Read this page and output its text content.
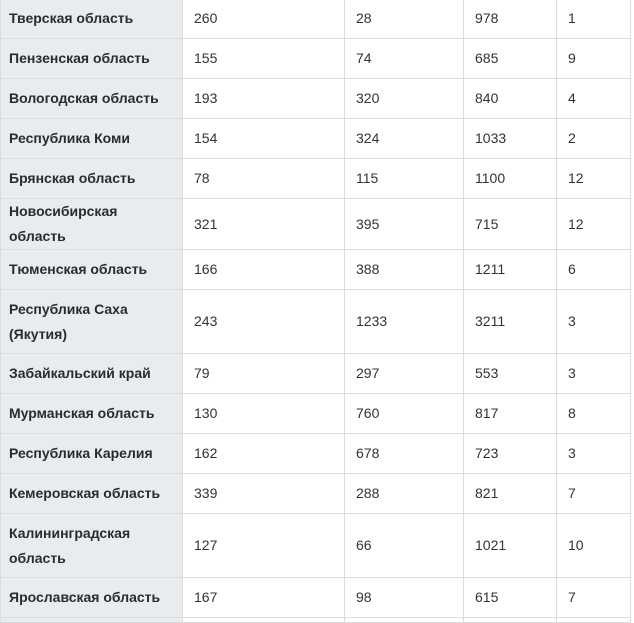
Тверская область	260	28	978	1
Пензенская область	155	74	685	9
Вологодская область	193	320	840	4
Республика Коми	154	324	1033	2
Брянская область	78	115	1100	12
Новосибирская область	321	395	715	12
Тюменская область	166	388	1211	6
Республика Саха (Якутия)	243	1233	3211	3
Забайкальский край	79	297	553	3
Мурманская область	130	760	817	8
Республика Карелия	162	678	723	3
Кемеровская область	339	288	821	7
Калининградская область	127	66	1021	10
Ярославская область	167	98	615	7
